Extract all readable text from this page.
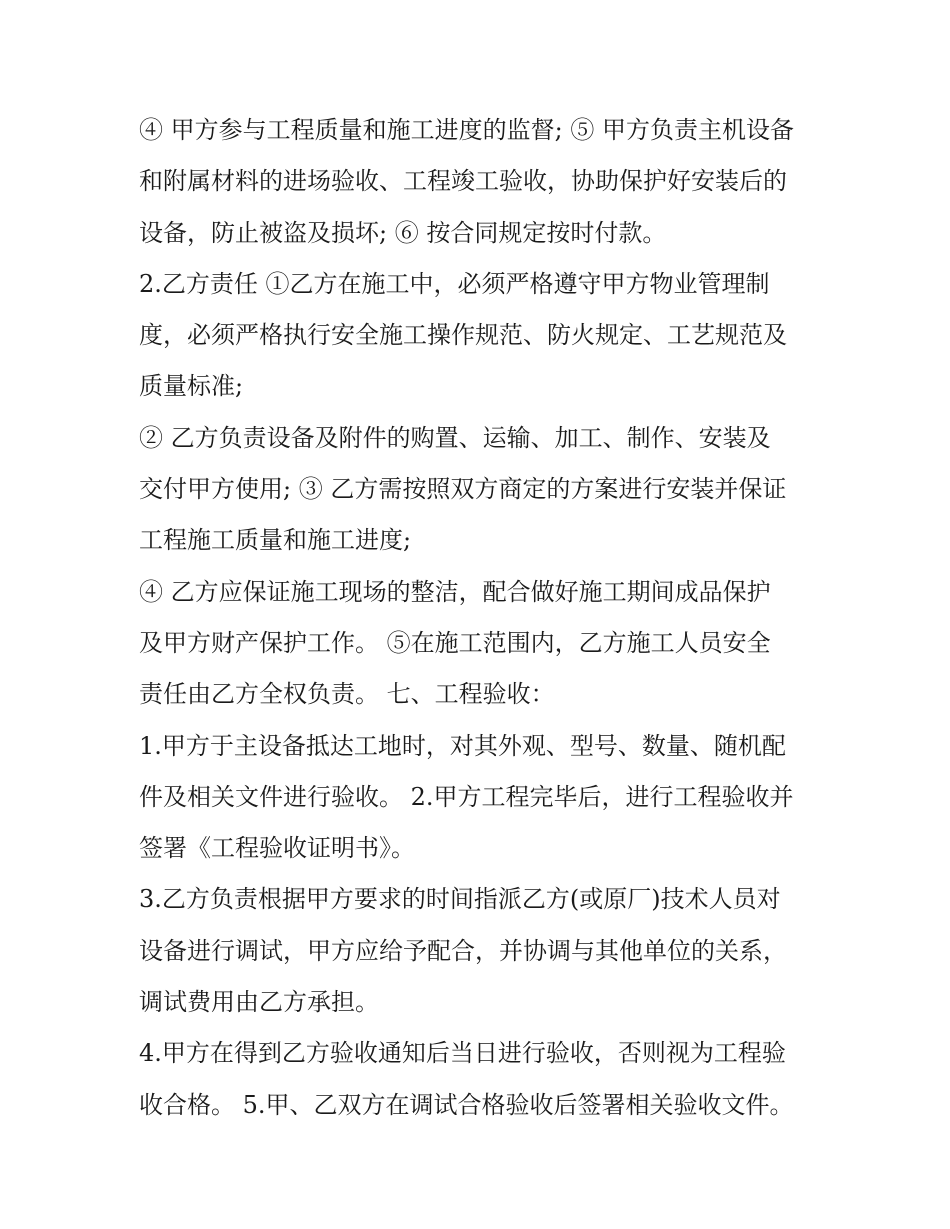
④ 甲方参与工程质量和施工进度的监督; ⑤ 甲方负责主机设备
和附属材料的进场验收、工程竣工验收，协助保护好安装后的
设备，防止被盗及损坏; ⑥ 按合同规定按时付款。
2.乙方责任 ①乙方在施工中，必须严格遵守甲方物业管理制
度，必须严格执行安全施工操作规范、防火规定、工艺规范及
质量标准;
② 乙方负责设备及附件的购置、运输、加工、制作、安装及
交付甲方使用; ③ 乙方需按照双方商定的方案进行安装并保证
工程施工质量和施工进度;
④ 乙方应保证施工现场的整洁，配合做好施工期间成品保护
及甲方财产保护工作。 ⑤在施工范围内，乙方施工人员安全
责任由乙方全权负责。 七、工程验收：
1.甲方于主设备抵达工地时，对其外观、型号、数量、随机配
件及相关文件进行验收。 2.甲方工程完毕后，进行工程验收并
签署《工程验收证明书》。
3.乙方负责根据甲方要求的时间指派乙方(或原厂)技术人员对
设备进行调试，甲方应给予配合，并协调与其他单位的关系，
调试费用由乙方承担。
4.甲方在得到乙方验收通知后当日进行验收，否则视为工程验
收合格。 5.甲、乙双方在调试合格验收后签署相关验收文件。
